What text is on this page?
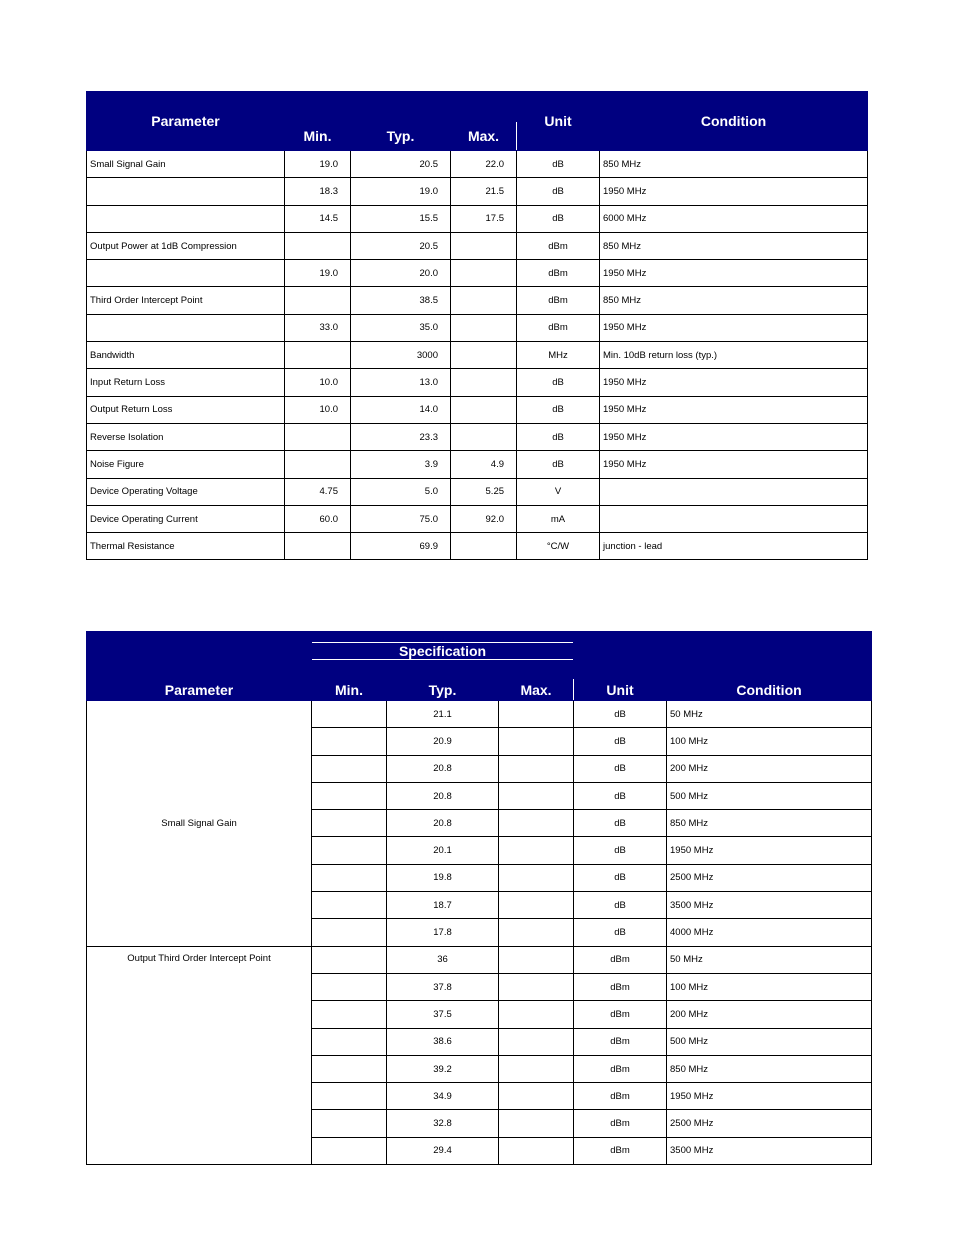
Parameter				Unit	Condition
	Min.	Typ.	Max.		
Small Signal Gain	19.0	20.5	22.0	dB	850 MHz
	18.3	19.0	21.5	dB	1950 MHz
	14.5	15.5	17.5	dB	6000 MHz
Output Power at 1dB Compression		20.5		dBm	850 MHz
	19.0	20.0		dBm	1950 MHz
Third Order Intercept Point		38.5		dBm	850 MHz
	33.0	35.0		dBm	1950 MHz
Bandwidth		3000		MHz	Min. 10dB return loss (typ.)
Input Return Loss	10.0	13.0		dB	1950 MHz
Output Return Loss	10.0	14.0		dB	1950 MHz
Reverse Isolation		23.3		dB	1950 MHz
Noise Figure		3.9	4.9	dB	1950 MHz
Device Operating Voltage	4.75	5.0	5.25	V	
Device Operating Current	60.0	75.0	92.0	mA	
Thermal Resistance		69.9		°C/W	junction - lead
Parameter	Specification			Unit	Condition
	Min.	Typ.	Max.		
Small Signal Gain		21.1		dB	50 MHz
		20.9		dB	100 MHz
		20.8		dB	200 MHz
		20.8		dB	500 MHz
		20.8		dB	850 MHz
		20.1		dB	1950 MHz
		19.8		dB	2500 MHz
		18.7		dB	3500 MHz
		17.8		dB	4000 MHz
Output Third Order Intercept Point		36		dBm	50 MHz
		37.8		dBm	100 MHz
		37.5		dBm	200 MHz
		38.6		dBm	500 MHz
		39.2		dBm	850 MHz
		34.9		dBm	1950 MHz
		32.8		dBm	2500 MHz
		29.4		dBm	3500 MHz
